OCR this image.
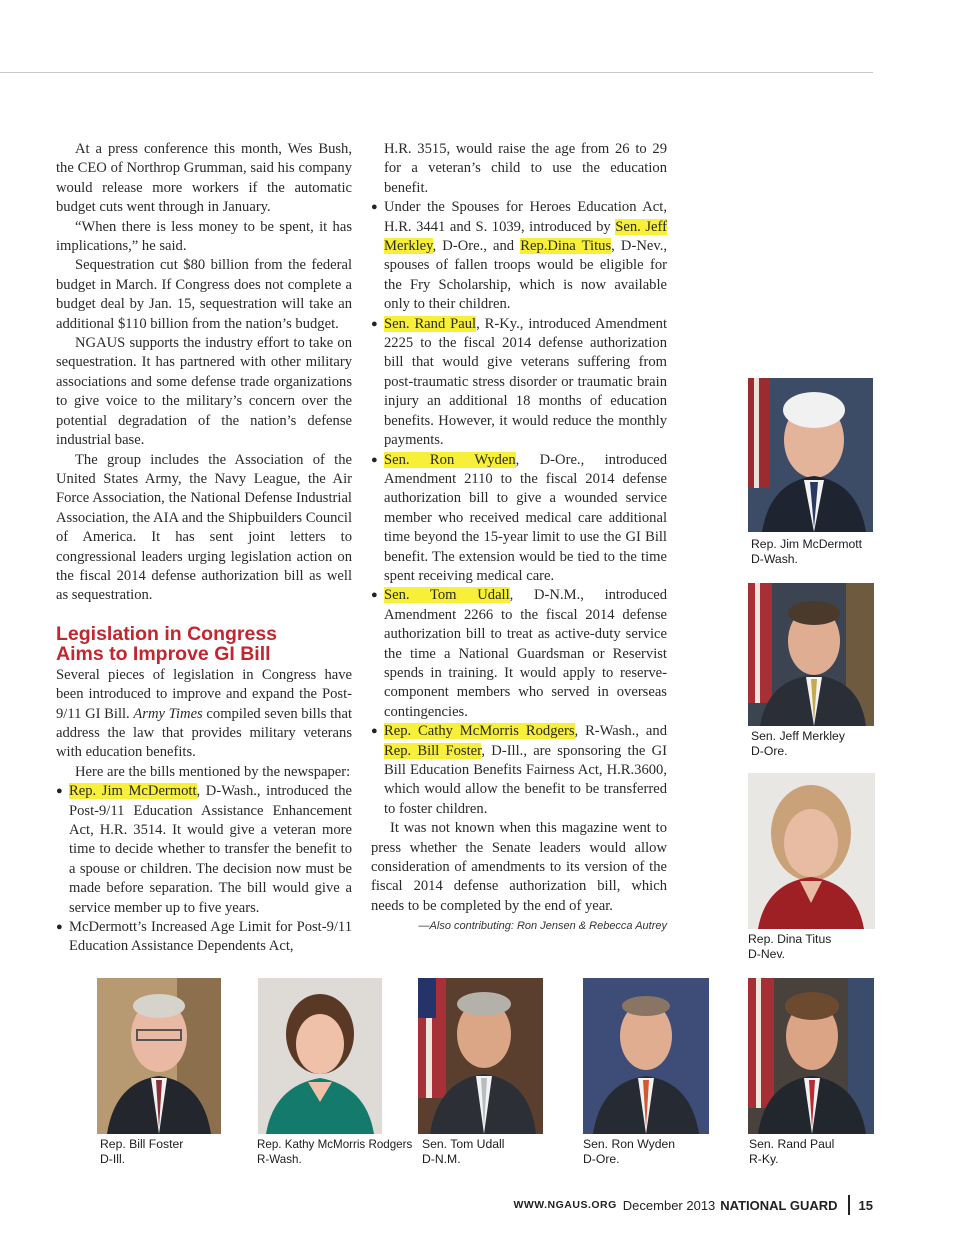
At a press conference this month, Wes Bush, the CEO of Northrop Grumman, said his company would release more workers if the automatic budget cuts went through in January.

“When there is less money to be spent, it has implications,” he said.

Sequestration cut $80 billion from the federal budget in March. If Congress does not complete a budget deal by Jan. 15, sequestration will take an additional $110 billion from the nation’s budget.

NGAUS supports the industry effort to take on sequestration. It has partnered with other military associations and some defense trade organizations to give voice to the military’s concern over the potential degradation of the nation’s defense industrial base.

The group includes the Association of the United States Army, the Navy League, the Air Force Association, the National Defense Industrial Association, the AIA and the Shipbuilders Council of America. It has sent joint letters to congressional leaders urging legislation action on the fiscal 2014 defense authorization bill as well as sequestration.

Legislation in Congress
Aims to Improve GI Bill

Several pieces of legislation in Congress have been introduced to improve and expand the Post-9/11 GI Bill. Army Times compiled seven bills that address the law that provides military veterans with education benefits.

Here are the bills mentioned by the newspaper:

● Rep. Jim McDermott, D-Wash., introduced the Post-9/11 Education Assistance Enhancement Act, H.R. 3514. It would give a veteran more time to decide whether to transfer the benefit to a spouse or children. The decision now must be made before separation. The bill would give a service member up to five years.
● McDermott’s Increased Age Limit for Post-9/11 Education Assistance Dependents Act,
H.R. 3515, would raise the age from 26 to 29 for a veteran’s child to use the education benefit.
● Under the Spouses for Heroes Education Act, H.R. 3441 and S. 1039, introduced by Sen. Jeff Merkley, D-Ore., and Rep.Dina Titus, D-Nev., spouses of fallen troops would be eligible for the Fry Scholarship, which is now available only to their children.
● Sen. Rand Paul, R-Ky., introduced Amendment 2225 to the fiscal 2014 defense authorization bill that would give veterans suffering from post-traumatic stress disorder or traumatic brain injury an additional 18 months of education benefits. However, it would reduce the monthly payments.
● Sen. Ron Wyden, D-Ore., introduced Amendment 2110 to the fiscal 2014 defense authorization bill to give a wounded service member who received medical care additional time beyond the 15-year limit to use the GI Bill benefit. The extension would be tied to the time spent receiving medical care.
● Sen. Tom Udall, D-N.M., introduced Amendment 2266 to the fiscal 2014 defense authorization bill to treat as active-duty service the time a National Guardsman or Reservist spends in training. It would apply to reserve-component members who served in overseas contingencies.
● Rep. Cathy McMorris Rodgers, R-Wash., and Rep. Bill Foster, D-Ill., are sponsoring the GI Bill Education Benefits Fairness Act, H.R.3600, which would allow the benefit to be transferred to foster children.

It was not known when this magazine went to press whether the Senate leaders would allow consideration of amendments to its version of the fiscal 2014 defense authorization bill, which needs to be completed by the end of year.

—Also contributing: Ron Jensen & Rebecca Autrey
Rep. Jim McDermott
D-Wash.
Sen. Jeff Merkley
D-Ore.
Rep. Dina Titus
D-Nev.
Rep. Bill Foster
D-Ill.
Rep. Kathy McMorris Rodgers
R-Wash.
Sen. Tom Udall
D-N.M.
Sen. Ron Wyden
D-Ore.
Sen. Rand Paul
R-Ky.
WWW.NGAUS.ORG December 2013 NATIONAL GUARD 15
